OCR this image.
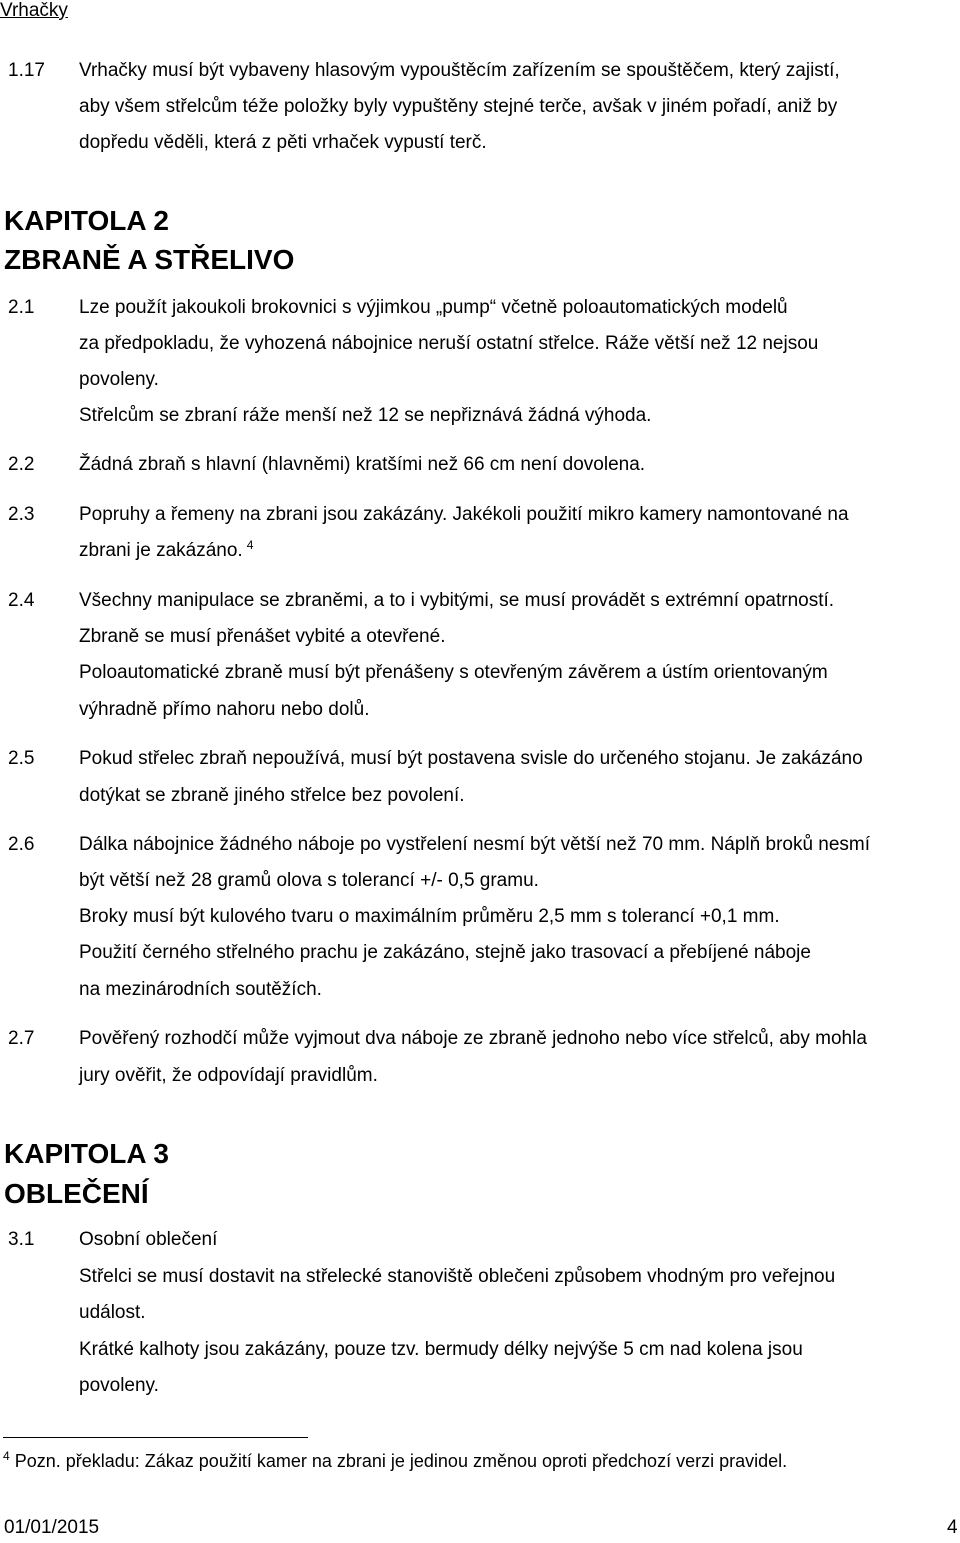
Vrhačky
1.17 Vrhačky musí být vybaveny hlasovým vypouštěcím zařízením se spouštěčem, který zajistí,
aby všem střelcům téže položky byly vypuštěny stejné terče, avšak v jiném pořadí, aniž by
dopředu věděli, která z pěti vrhaček vypustí terč.
KAPITOLA 2
ZBRANĚ A STŘELIVO
2.1 Lze použít jakoukoli brokovnici s výjimkou „pump“ včetně poloautomatických modelů
za předpokladu, že vyhozená nábojnice neruší ostatní střelce. Ráže větší než 12 nejsou
povoleny.
Střelcům se zbraní ráže menší než 12 se nepřiznává žádná výhoda.
2.2 Žádná zbraň s hlavní (hlavněmi) kratšími než 66 cm není dovolena.
2.3 Popruhy a řemeny na zbrani jsou zakázány. Jakékoli použití mikro kamery namontované na
zbrani je zakázáno. $^4$
2.4 Všechny manipulace se zbraněmi, a to i vybitými, se musí provádět s extrémní opatrností.
Zbraně se musí přenášet vybité a otevřené.
Poloautomatické zbraně musí být přenášeny s otevřeným závěrem a ústím orientovaným
výhradně přímo nahoru nebo dolů.
2.5 Pokud střelec zbraň nepoužívá, musí být postavena svisle do určeného stojanu. Je zakázáno
dotýkat se zbraně jiného střelce bez povolení.
2.6 Dálka nábojnice žádného náboje po vystřelení nesmí být větší než 70 mm. Náplň broků nesmí
být větší než 28 gramů olova s tolerancí +/- 0,5 gramu.
Broky musí být kulového tvaru o maximálním průměru 2,5 mm s tolerancí +0,1 mm.
Použití černého střelného prachu je zakázáno, stejně jako trasovací a přebíjené náboje
na mezinárodních soutěžích.
2.7 Pověřený rozhodčí může vyjmout dva náboje ze zbraně jednoho nebo více střelců, aby mohla
jury ověřit, že odpovídají pravidlům.
KAPITOLA 3
OBLEČENÍ
3.1 Osobní oblečení
Střelci se musí dostavit na střelecké stanoviště oblečeni způsobem vhodným pro veřejnou
událost.
Krátké kalhoty jsou zakázány, pouze tzv. bermudy délky nejvýše 5 cm nad kolena jsou
povoleny.
$^4$ Pozn. překladu: Zákaz použití kamer na zbrani je jedinou změnou oproti předchozí verzi pravidel.
01/01/2015	4
